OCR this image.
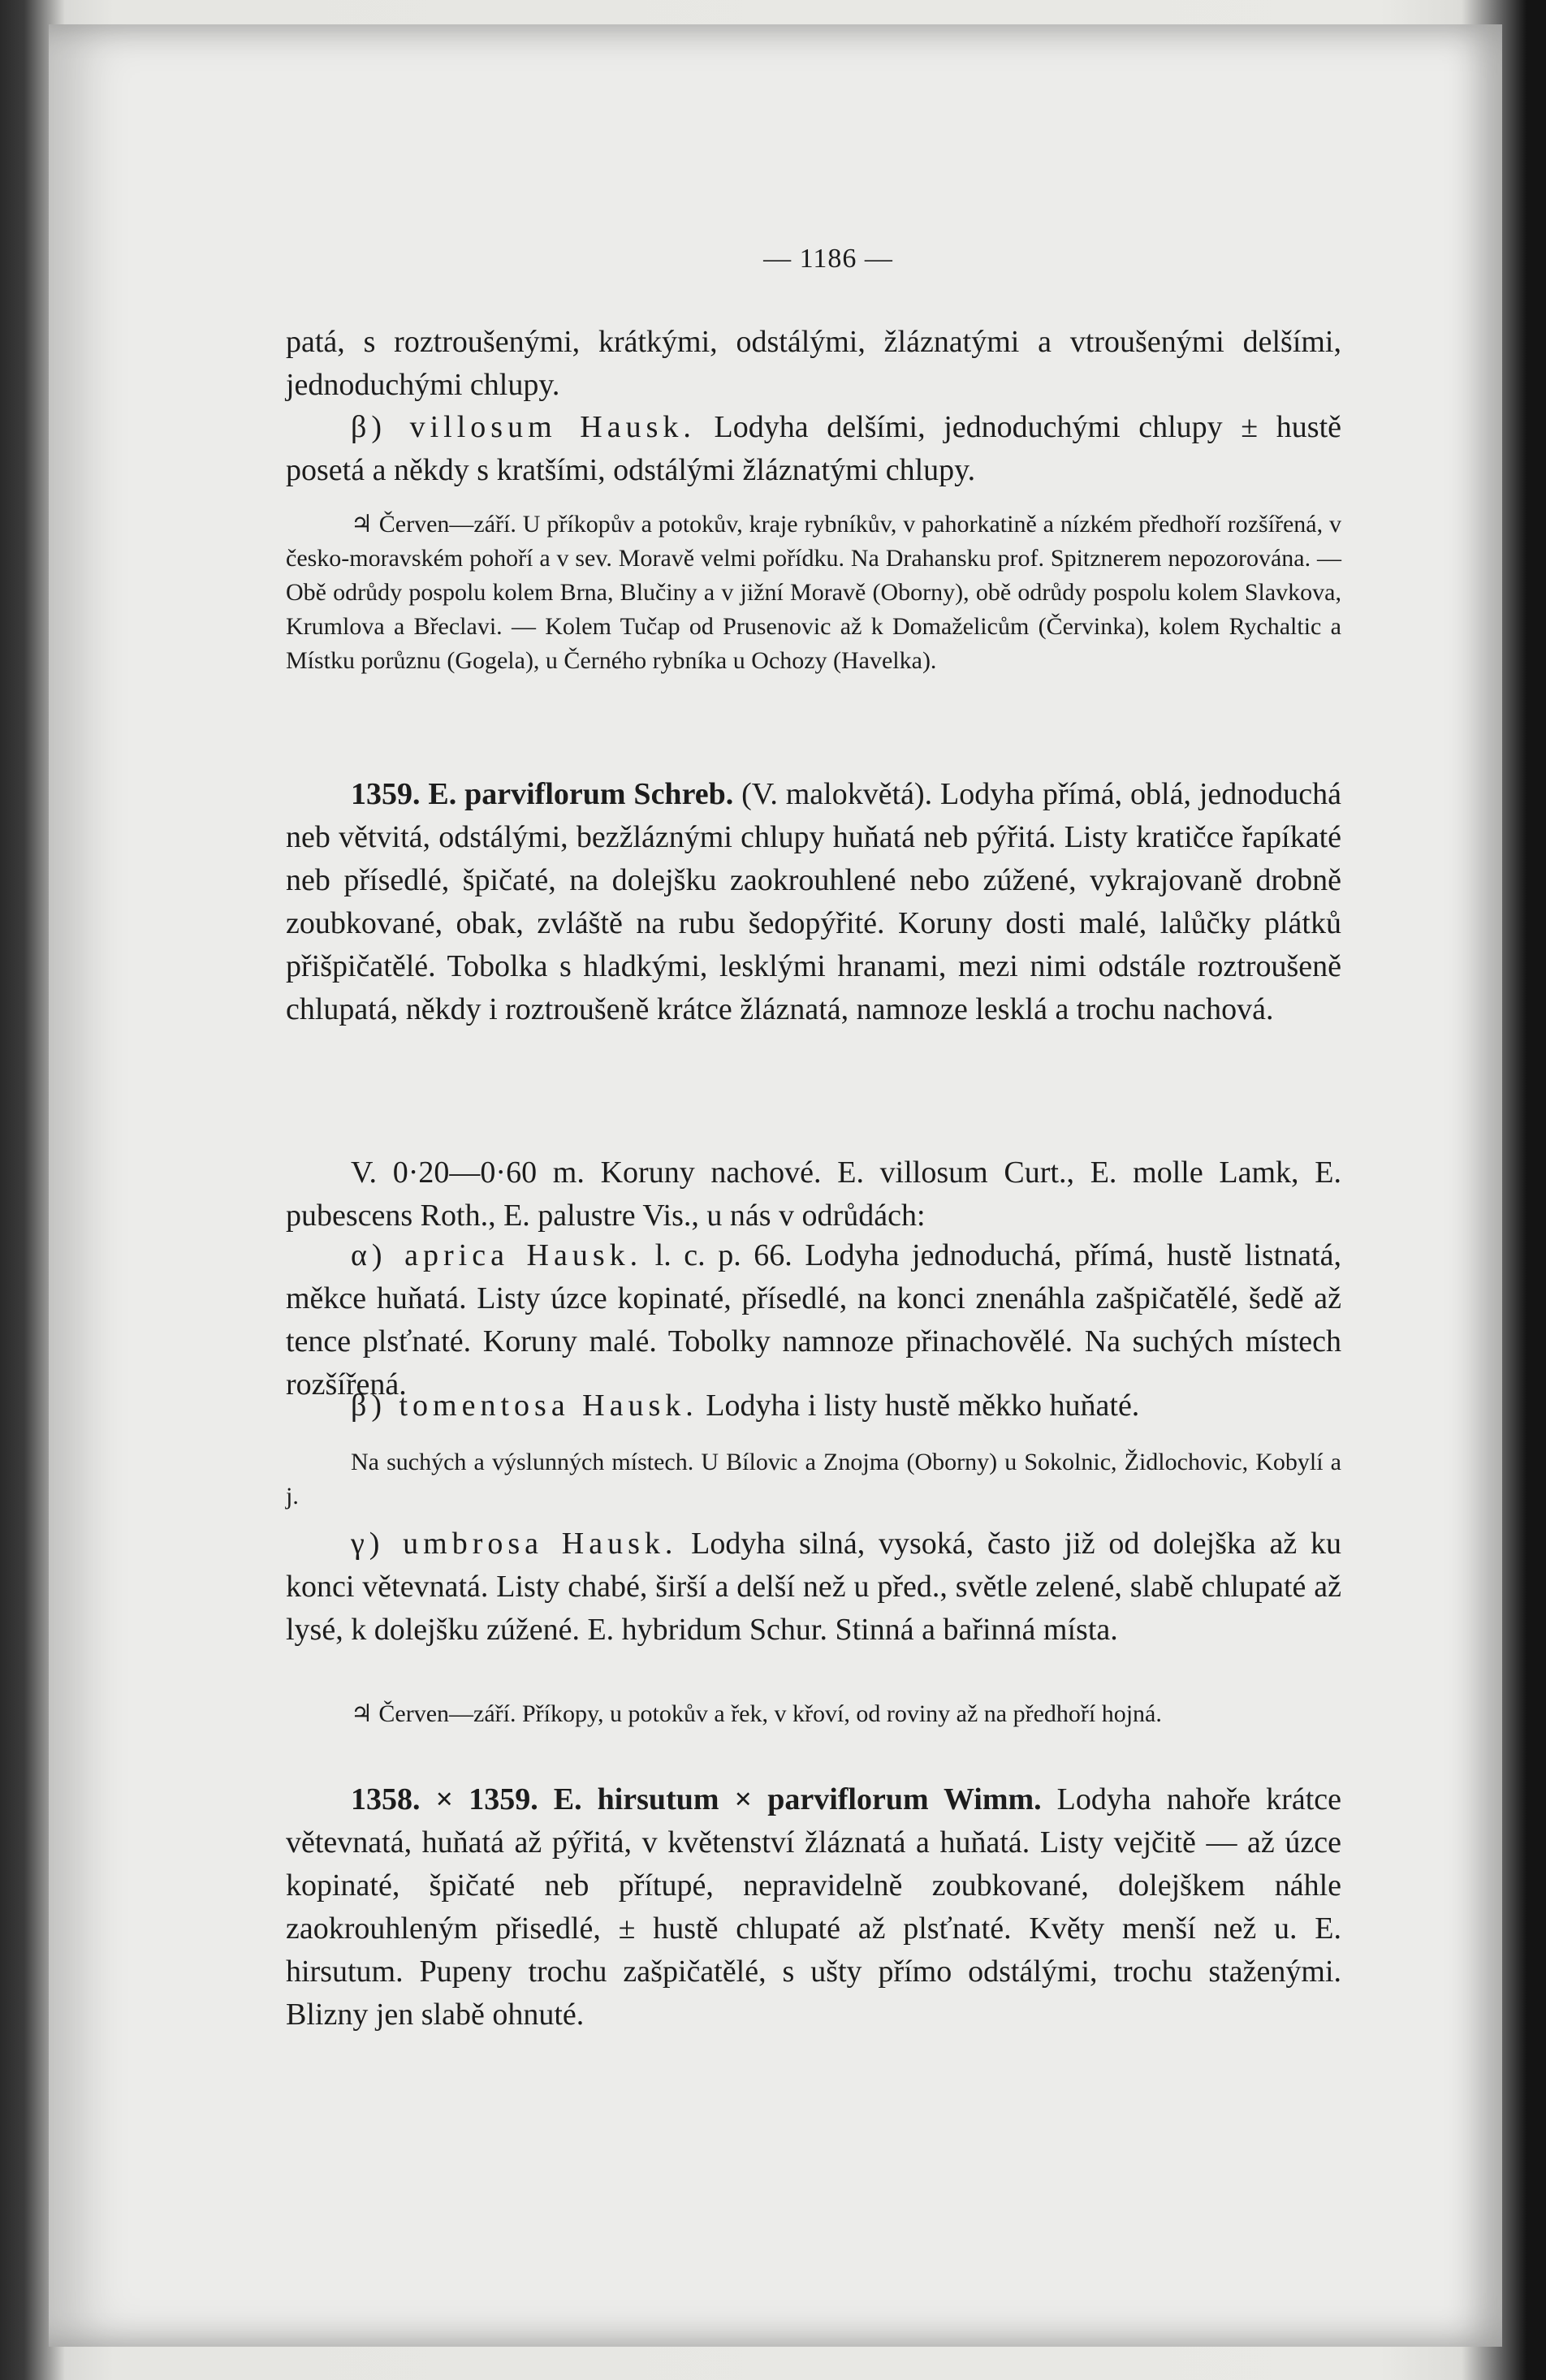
— 1186 —

patá, s roztroušenými, krátkými, odstálými, žláznatými a vtroušenými delšími, jednoduchými chlupy.

β) villosum Hausk. Lodyha delšími, jednoduchými chlupy ± hustě posetá a někdy s kratšími, odstálými žláznatými chlupy.

♃ Červen—září. U příkopův a potokův, kraje rybníkův, v pahorkatině a nízkém předhoří rozšířená, v česko-moravském pohoří a v sev. Moravě velmi pořídku. Na Drahansku prof. Spitznerem nepozorována. — Obě odrůdy pospolu kolem Brna, Blučiny a v jižní Moravě (Oborny), obě odrůdy pospolu kolem Slavkova, Krumlova a Břeclavi. — Kolem Tučap od Prusenovic až k Domaželicům (Červinka), kolem Rychaltic a Místku porůznu (Gogela), u Černého rybníka u Ochozy (Havelka).

1359. E. parviflorum Schreb. (V. malokvětá). Lodyha přímá, oblá, jednoduchá neb větvitá, odstálými, bezžláznými chlupy huňatá neb pýřitá. Listy kratičce řapíkaté neb přísedlé, špičaté, na dolejšku zaokrouhlené nebo zúžené, vykrajovaně drobně zoubkované, obak, zvláště na rubu šedopýřité. Koruny dosti malé, lalůčky plátků přišpičatělé. Tobolka s hladkými, lesklými hranami, mezi nimi odstále roztroušeně chlupatá, někdy i roztroušeně krátce žláznatá, namnoze lesklá a trochu nachová.

V. 0·20—0·60 m. Koruny nachové. E. villosum Curt., E. molle Lamk, E. pubescens Roth., E. palustre Vis., u nás v odrůdách:

α) aprica Hausk. l. c. p. 66. Lodyha jednoduchá, přímá, hustě listnatá, měkce huňatá. Listy úzce kopinaté, přísedlé, na konci znenáhla zašpičatělé, šedě až tence plsťnaté. Koruny malé. Tobolky namnoze přinachovělé. Na suchých místech rozšířená.

β) tomentosa Hausk. Lodyha i listy hustě měkko huňaté.

Na suchých a výslunných místech. U Bílovic a Znojma (Oborny) u Sokolnic, Židlochovic, Kobylí a j.

γ) umbrosa Hausk. Lodyha silná, vysoká, často již od dolejška až ku konci větevnatá. Listy chabé, širší a delší než u před., světle zelené, slabě chlupaté až lysé, k dolejšku zúžené. E. hybridum Schur. Stinná a bařinná místa.

♃ Červen—září. Příkopy, u potokův a řek, v křoví, od roviny až na předhoří hojná.

1358. × 1359. E. hirsutum × parviflorum Wimm. Lodyha nahoře krátce větevnatá, huňatá až pýřitá, v květenství žláznatá a huňatá. Listy vejčitě — až úzce kopinaté, špičaté neb přítupé, nepravidelně zoubkované, dolejškem náhle zaokrouhleným přisedlé, ± hustě chlupaté až plsťnaté. Květy menší než u. E. hirsutum. Pupeny trochu zašpičatělé, s ušty přímo odstálými, trochu staženými. Blizny jen slabě ohnuté.
